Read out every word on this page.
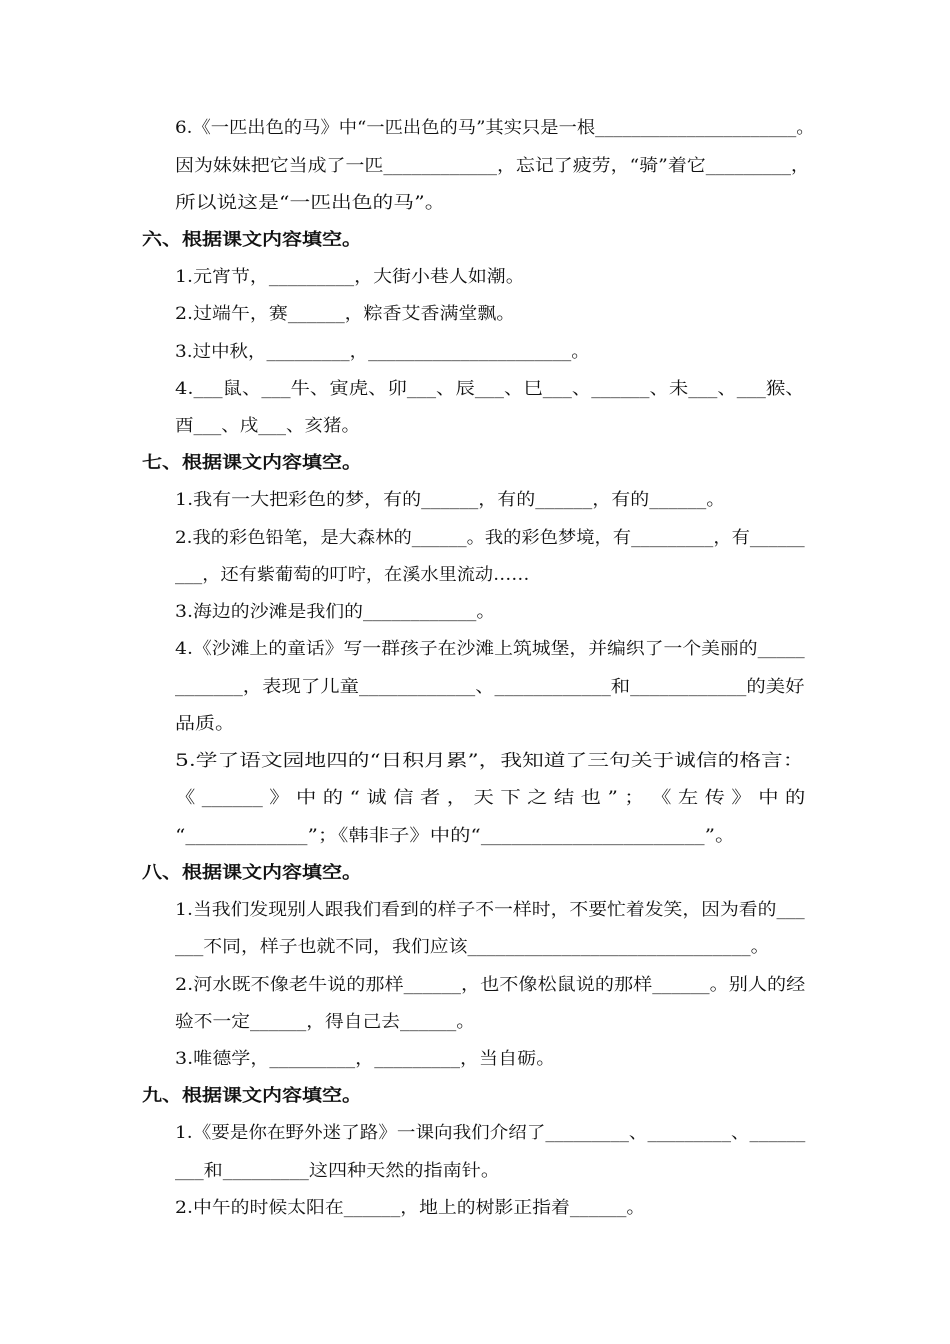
6.《一匹出色的马》中“一匹出色的马”其实只是一根______________________。
因为妹妹把它当成了一匹____________，忘记了疲劳，“骑”着它_________，
所以说这是“一匹出色的马”。
六、根据课文内容填空。
1.元宵节，_________，大街小巷人如潮。
2.过端午，赛______，粽香艾香满堂飘。
3.过中秋，_________，______________________。
4.___鼠、___牛、寅虎、卯___、辰___、巳___、______、未___、___猴、
酉___、戌___、亥猪。
七、根据课文内容填空。
1.我有一大把彩色的梦，有的______，有的______，有的______。
2.我的彩色铅笔，是大森林的______。我的彩色梦境，有_________，有______
___，还有紫葡萄的叮咛，在溪水里流动……
3.海边的沙滩是我们的____________。
4.《沙滩上的童话》写一群孩子在沙滩上筑城堡，并编织了一个美丽的_____
_______，表现了儿童____________、____________和____________的美好
品质。
5.学了语文园地四的“日积月累”，我知道了三句关于诚信的格言：
《 ______ 》 中 的 “ 诚 信 者 ， 天 下 之 结 也 ” ； 《 左 传 》 中 的
“____________”；《韩非子》中的“______________________”。
八、根据课文内容填空。
1.当我们发现别人跟我们看到的样子不一样时，不要忙着发笑，因为看的___
___不同，样子也就不同，我们应该______________________________。
2.河水既不像老牛说的那样______，也不像松鼠说的那样______。别人的经
验不一定______，得自己去______。
3.唯德学，_________，_________，当自砺。
九、根据课文内容填空。
1.《要是你在野外迷了路》一课向我们介绍了_________、_________、______
___和_________这四种天然的指南针。
2.中午的时候太阳在______，地上的树影正指着______。
